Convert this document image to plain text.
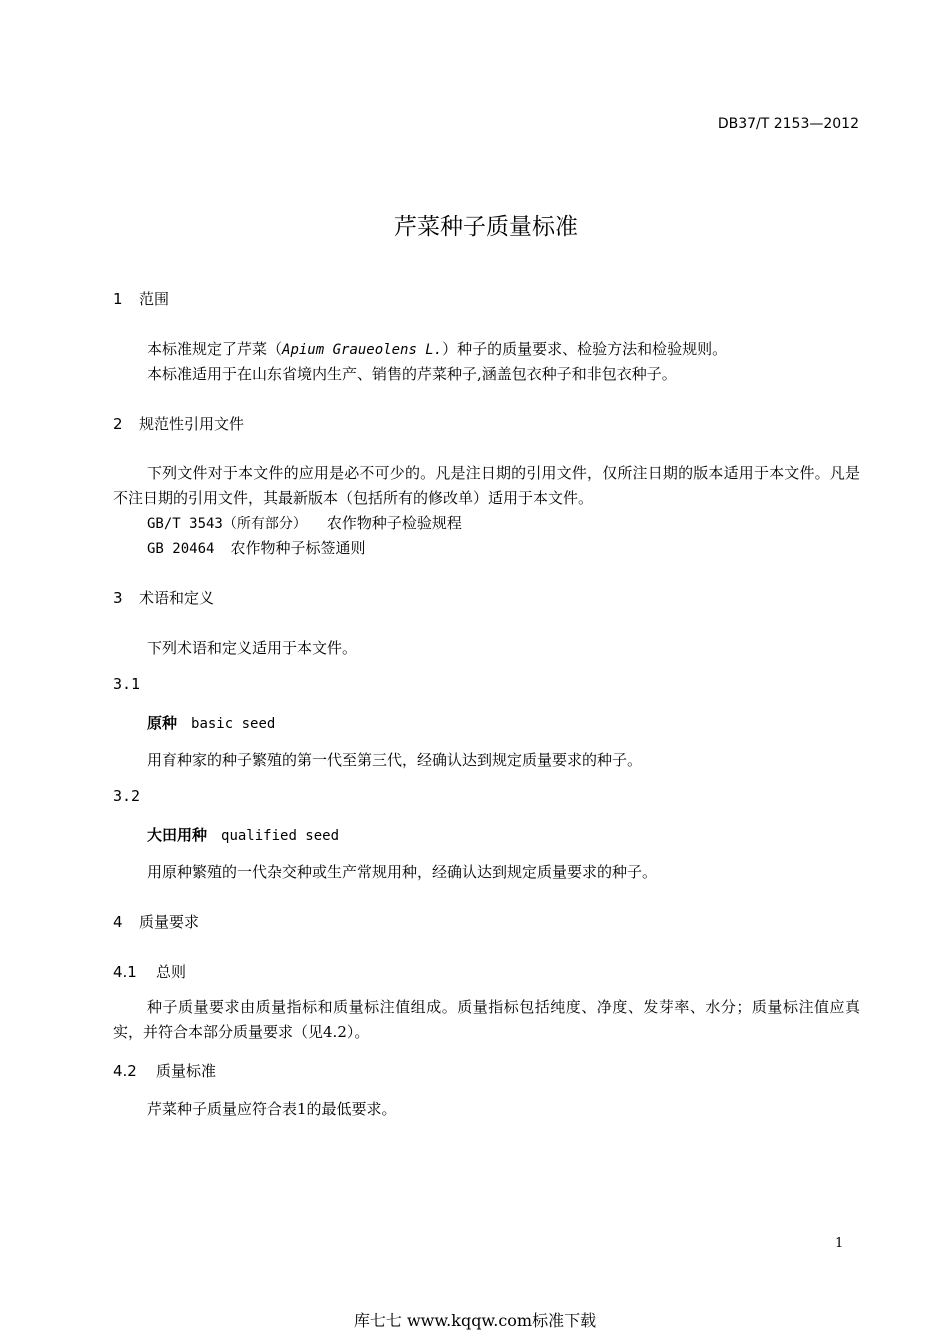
DB37/T 2153—2012
芹菜种子质量标准
1 范围
本标准规定了芹菜（Apium Graueolens L.）种子的质量要求、检验方法和检验规则。
本标准适用于在山东省境内生产、销售的芹菜种子,涵盖包衣种子和非包衣种子。
2 规范性引用文件
下列文件对于本文件的应用是必不可少的。凡是注日期的引用文件，仅所注日期的版本适用于本文件。凡是不注日期的引用文件，其最新版本（包括所有的修改单）适用于本文件。
GB/T 3543（所有部分） 农作物种子检验规程
GB 20464 农作物种子标签通则
3 术语和定义
下列术语和定义适用于本文件。
3.1
原种 basic seed
用育种家的种子繁殖的第一代至第三代，经确认达到规定质量要求的种子。
3.2
大田用种 qualified seed
用原种繁殖的一代杂交种或生产常规用种，经确认达到规定质量要求的种子。
4 质量要求
4.1 总则
种子质量要求由质量指标和质量标注值组成。质量指标包括纯度、净度、发芽率、水分；质量标注值应真实，并符合本部分质量要求（见4.2）。
4.2 质量标准
芹菜种子质量应符合表1的最低要求。
1
库七七 www.kqqw.com标准下载
